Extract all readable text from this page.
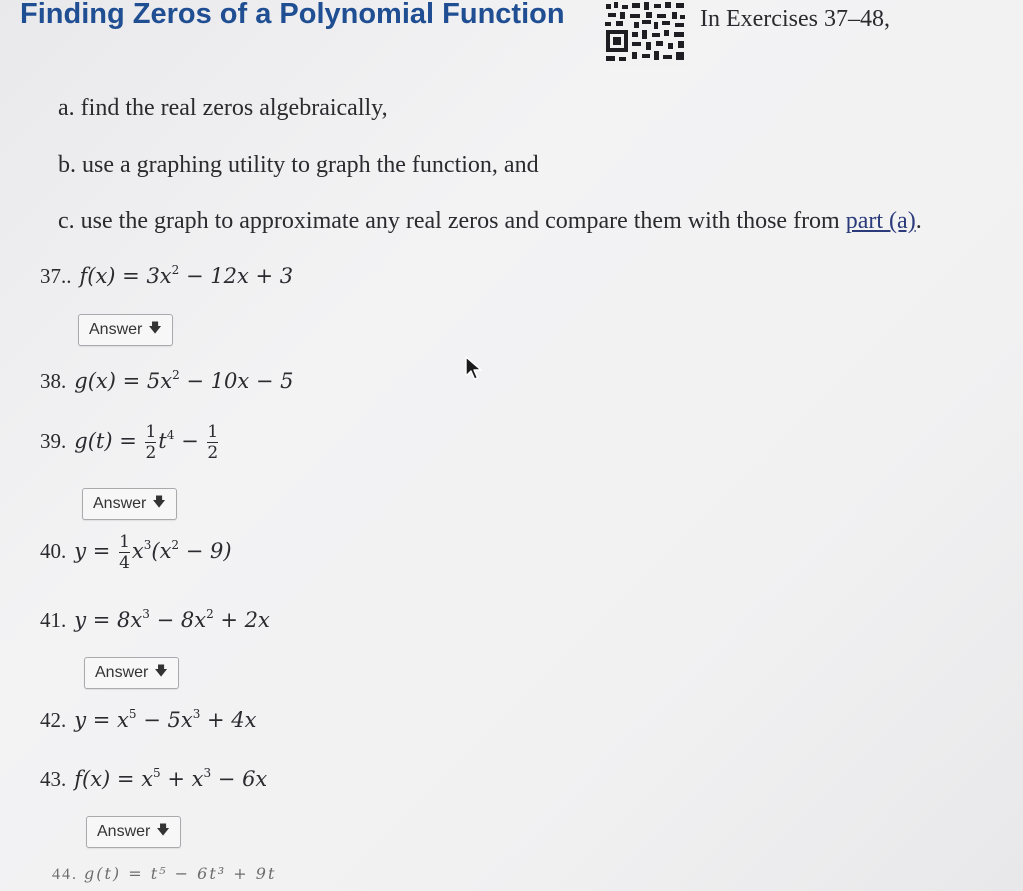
Finding Zeros of a Polynomial Function	In Exercises 37–48,
a. find the real zeros algebraically,
b. use a graphing utility to graph the function, and
c. use the graph to approximate any real zeros and compare them with those from part (a).
37.. $f(x) = 3x^2 - 12x + 3$
Answer 🡇
38. $g(x) = 5x^2 - 10x - 5$
39. $g(t) = \frac{1}{2} t^4 - \frac{1}{2}$
Answer 🡇
40. $y = \frac{1}{4} x^3(x^2 - 9)$
41. $y = 8x^3 - 8x^2 + 2x$
Answer 🡇
42. $y = x^5 - 5x^3 + 4x$
43. $f(x) = x^5 + x^3 - 6x$
Answer 🡇
44. g(t) = t⁵ − 6t³ + 9t
